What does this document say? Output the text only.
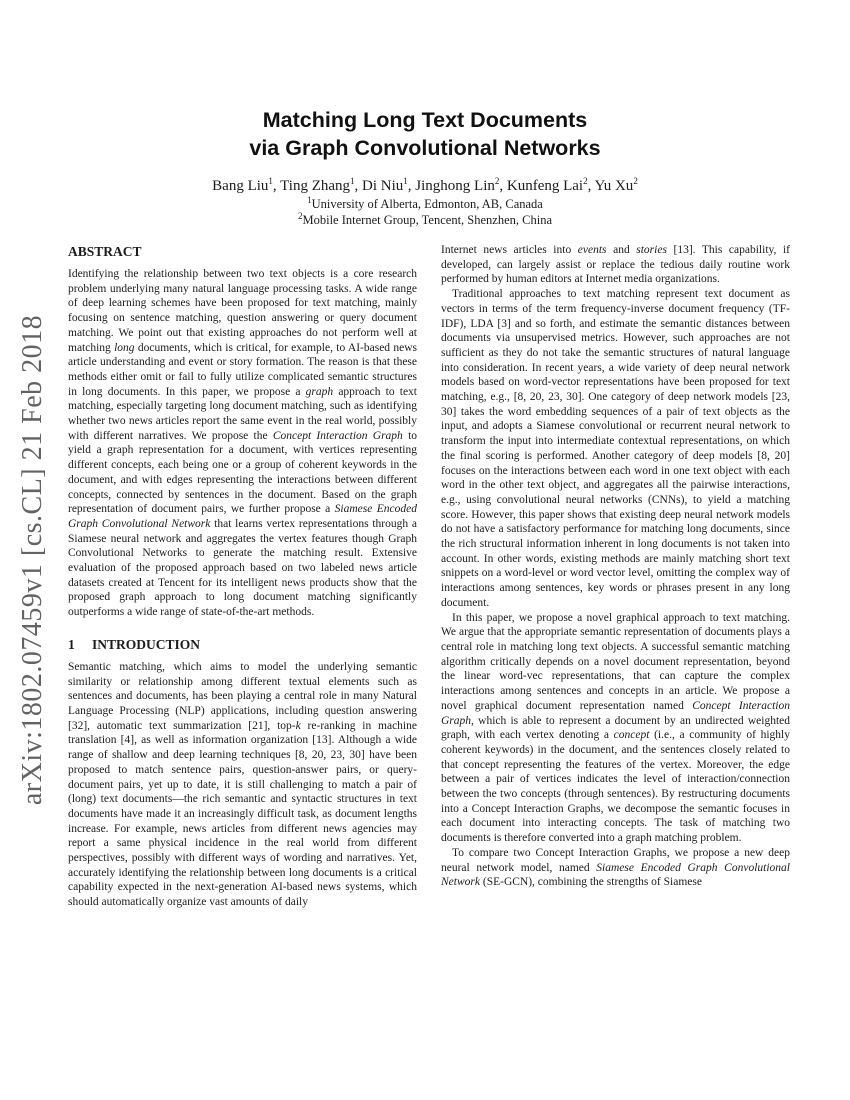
arXiv:1802.07459v1 [cs.CL] 21 Feb 2018
Matching Long Text Documents
via Graph Convolutional Networks
Bang Liu$^1$, Ting Zhang$^1$, Di Niu$^1$, Jinghong Lin$^2$, Kunfeng Lai$^2$, Yu Xu$^2$
$^1$University of Alberta, Edmonton, AB, Canada
$^2$Mobile Internet Group, Tencent, Shenzhen, China
ABSTRACT

Identifying the relationship between two text objects is a core research problem underlying many natural language processing tasks. A wide range of deep learning schemes have been proposed for text matching, mainly focusing on sentence matching, question answering or query document matching. We point out that existing approaches do not perform well at matching long documents, which is critical, for example, to AI-based news article understanding and event or story formation. The reason is that these methods either omit or fail to fully utilize complicated semantic structures in long documents. In this paper, we propose a graph approach to text matching, especially targeting long document matching, such as identifying whether two news articles report the same event in the real world, possibly with different narratives. We propose the Concept Interaction Graph to yield a graph representation for a document, with vertices representing different concepts, each being one or a group of coherent keywords in the document, and with edges representing the interactions between different concepts, connected by sentences in the document. Based on the graph representation of document pairs, we further propose a Siamese Encoded Graph Convolutional Network that learns vertex representations through a Siamese neural network and aggregates the vertex features though Graph Convolutional Networks to generate the matching result. Extensive evaluation of the proposed approach based on two labeled news article datasets created at Tencent for its intelligent news products show that the proposed graph approach to long document matching significantly outperforms a wide range of state-of-the-art methods.

1 INTRODUCTION

Semantic matching, which aims to model the underlying semantic similarity or relationship among different textual elements such as sentences and documents, has been playing a central role in many Natural Language Processing (NLP) applications, including question answering [32], automatic text summarization [21], top-k re-ranking in machine translation [4], as well as information organization [13]. Although a wide range of shallow and deep learning techniques [8, 20, 23, 30] have been proposed to match sentence pairs, question-answer pairs, or query-document pairs, yet up to date, it is still challenging to match a pair of (long) text documents—the rich semantic and syntactic structures in text documents have made it an increasingly difficult task, as document lengths increase. For example, news articles from different news agencies may report a same physical incidence in the real world from different perspectives, possibly with different ways of wording and narratives. Yet, accurately identifying the relationship between long documents is a critical capability expected in the next-generation AI-based news systems, which should automatically organize vast amounts of daily

Internet news articles into events and stories [13]. This capability, if developed, can largely assist or replace the tedious daily routine work performed by human editors at Internet media organizations.

Traditional approaches to text matching represent text document as vectors in terms of the term frequency-inverse document frequency (TF-IDF), LDA [3] and so forth, and estimate the semantic distances between documents via unsupervised metrics. However, such approaches are not sufficient as they do not take the semantic structures of natural language into consideration. In recent years, a wide variety of deep neural network models based on word-vector representations have been proposed for text matching, e.g., [8, 20, 23, 30]. One category of deep network models [23, 30] takes the word embedding sequences of a pair of text objects as the input, and adopts a Siamese convolutional or recurrent neural network to transform the input into intermediate contextual representations, on which the final scoring is performed. Another category of deep models [8, 20] focuses on the interactions between each word in one text object with each word in the other text object, and aggregates all the pairwise interactions, e.g., using convolutional neural networks (CNNs), to yield a matching score. However, this paper shows that existing deep neural network models do not have a satisfactory performance for matching long documents, since the rich structural information inherent in long documents is not taken into account. In other words, existing methods are mainly matching short text snippets on a word-level or word vector level, omitting the complex way of interactions among sentences, key words or phrases present in any long document.

In this paper, we propose a novel graphical approach to text matching. We argue that the appropriate semantic representation of documents plays a central role in matching long text objects. A successful semantic matching algorithm critically depends on a novel document representation, beyond the linear word-vec representations, that can capture the complex interactions among sentences and concepts in an article. We propose a novel graphical document representation named Concept Interaction Graph, which is able to represent a document by an undirected weighted graph, with each vertex denoting a concept (i.e., a community of highly coherent keywords) in the document, and the sentences closely related to that concept representing the features of the vertex. Moreover, the edge between a pair of vertices indicates the level of interaction/connection between the two concepts (through sentences). By restructuring documents into a Concept Interaction Graphs, we decompose the semantic focuses in each document into interacting concepts. The task of matching two documents is therefore converted into a graph matching problem.

To compare two Concept Interaction Graphs, we propose a new deep neural network model, named Siamese Encoded Graph Convolutional Network (SE-GCN), combining the strengths of Siamese
